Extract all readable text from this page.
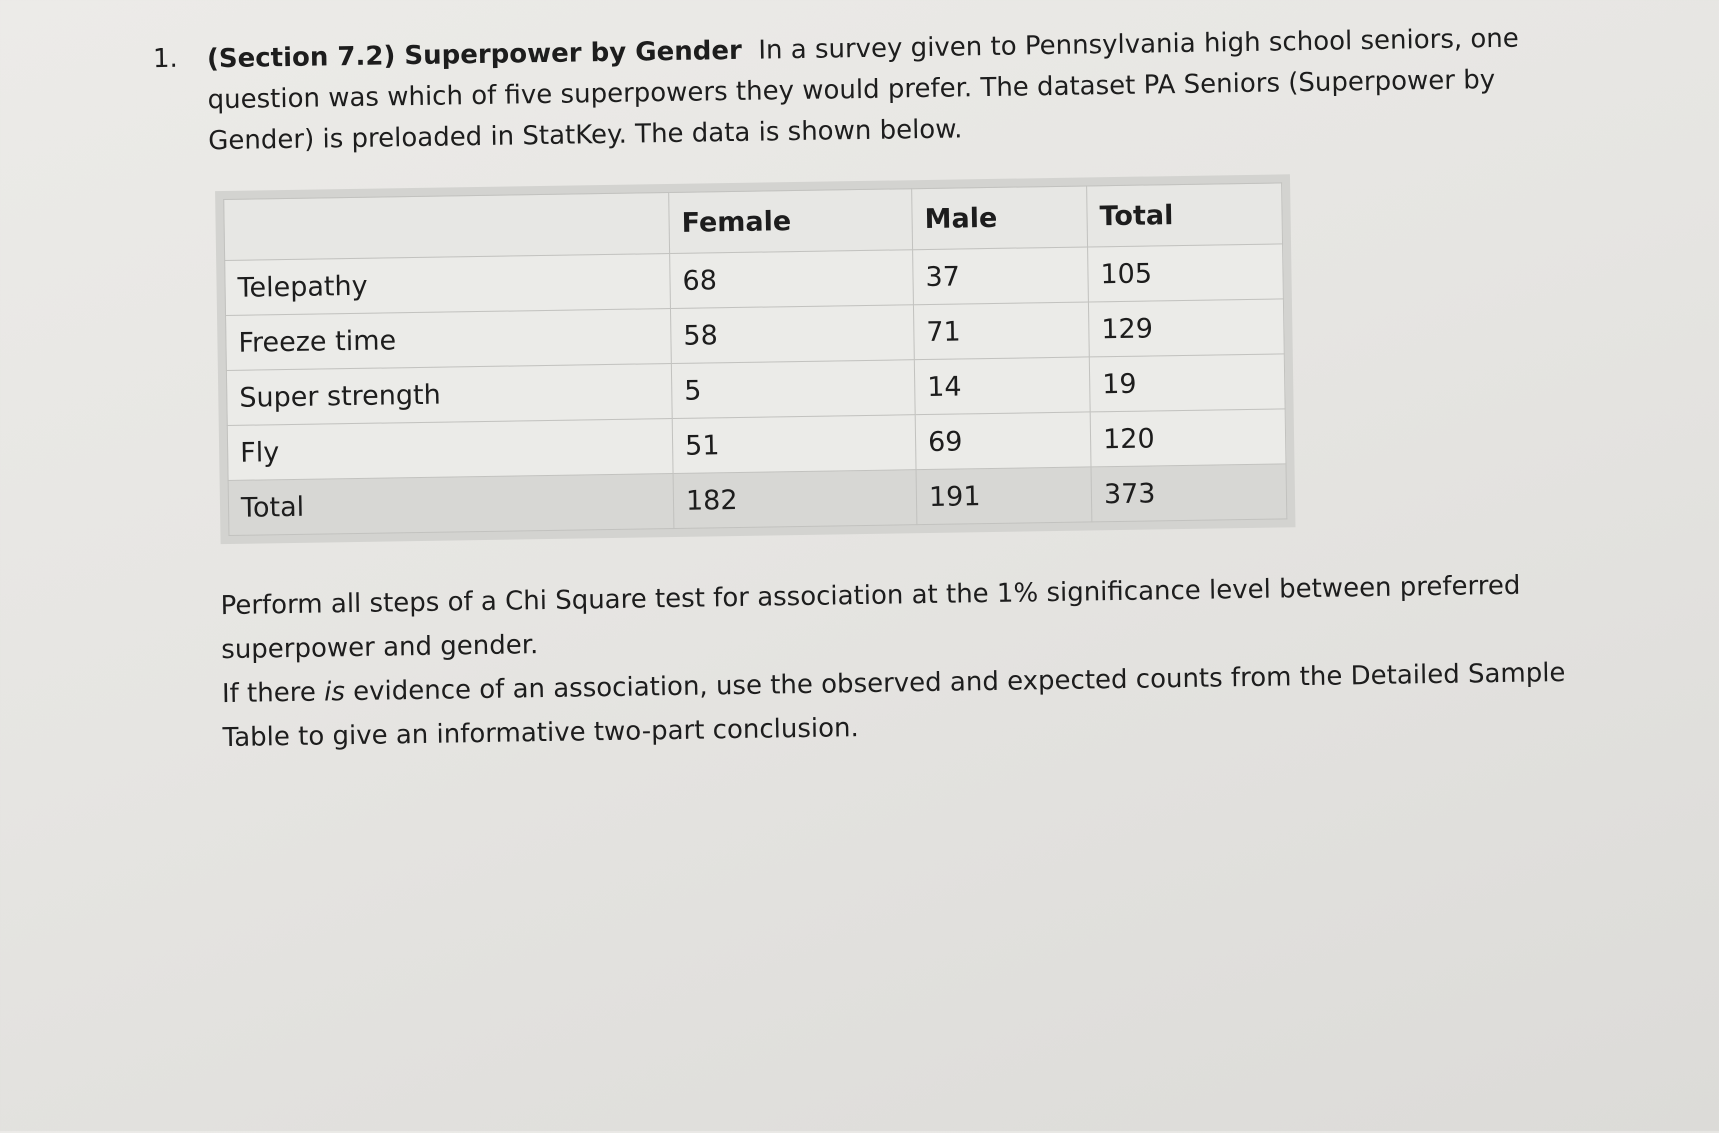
1. (Section 7.2) Superpower by Gender In a survey given to Pennsylvania high school seniors, one question was which of five superpowers they would prefer. The dataset PA Seniors (Superpower by Gender) is preloaded in StatKey. The data is shown below.
	Female	Male	Total
Telepathy	68	37	105
Freeze time	58	71	129
Super strength	5	14	19
Fly	51	69	120
Total	182	191	373

Perform all steps of a Chi Square test for association at the 1% significance level between preferred superpower and gender.

If there is evidence of an association, use the observed and expected counts from the Detailed Sample Table to give an informative two-part conclusion.
